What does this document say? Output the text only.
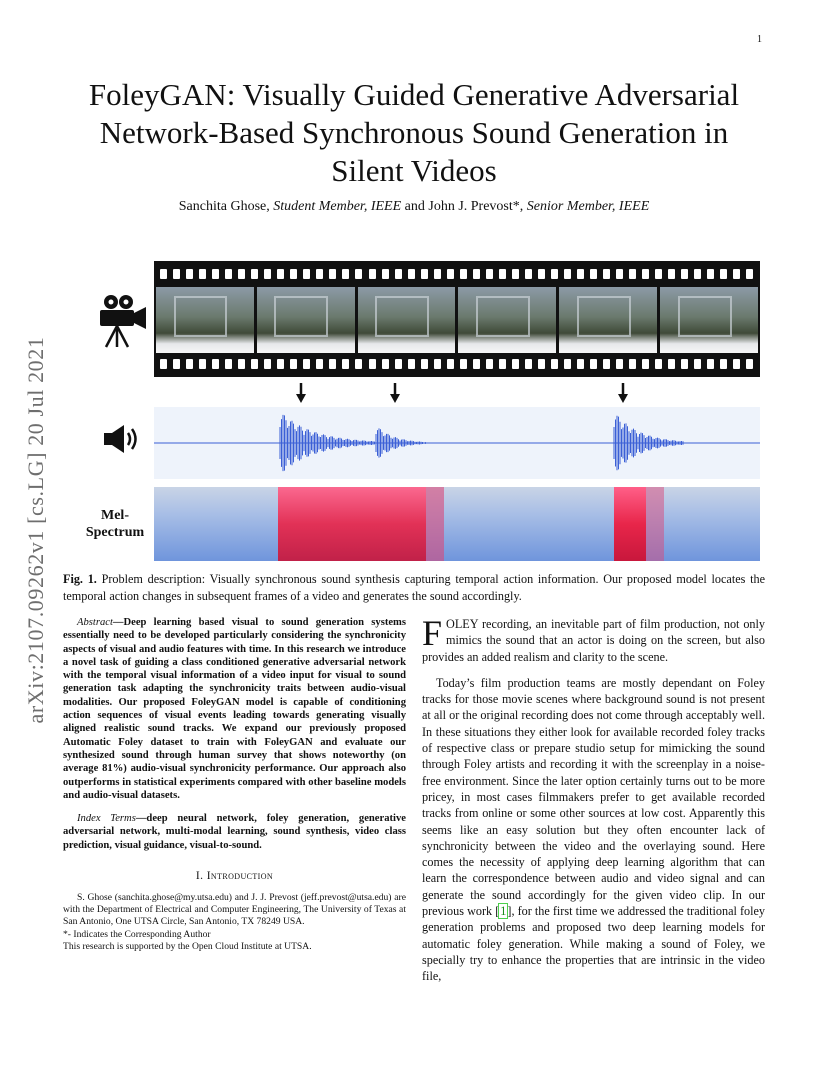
1
arXiv:2107.09262v1 [cs.LG] 20 Jul 2021
FoleyGAN: Visually Guided Generative Adversarial
Network-Based Synchronous Sound Generation in
Silent Videos
Sanchita Ghose, Student Member, IEEE and John J. Prevost*, Senior Member, IEEE
Mel-
Spectrum
Fig. 1. Problem description: Visually synchronous sound synthesis capturing temporal action information. Our proposed model locates the temporal action changes in subsequent frames of a video and generates the sound accordingly.

Abstract—Deep learning based visual to sound generation systems essentially need to be developed particularly considering the synchronicity aspects of visual and audio features with time. In this research we introduce a novel task of guiding a class conditioned generative adversarial network with the temporal visual information of a video input for visual to sound generation task adapting the synchronicity traits between audio-visual modalities. Our proposed FoleyGAN model is capable of conditioning action sequences of visual events leading towards generating visually aligned realistic sound tracks. We expand our previously proposed Automatic Foley dataset to train with FoleyGAN and evaluate our synthesized sound through human survey that shows noteworthy (on average 81%) audio-visual synchronicity performance. Our approach also outperforms in statistical experiments compared with other baseline models and audio-visual datasets.

Index Terms—deep neural network, foley generation, generative adversarial network, multi-modal learning, sound synthesis, video class prediction, visual guidance, visual-to-sound.

I. Introduction

S. Ghose (sanchita.ghose@my.utsa.edu) and J. J. Prevost (jeff.prevost@utsa.edu) are with the Department of Electrical and Computer Engineering, The University of Texas at San Antonio, One UTSA Circle, San Antonio, TX 78249 USA.

*- Indicates the Corresponding Author

This research is supported by the Open Cloud Institute at UTSA.

FOLEY recording, an inevitable part of film production, not only mimics the sound that an actor is doing on the screen, but also provides an added realism and clarity to the scene.

Today’s film production teams are mostly dependant on Foley tracks for those movie scenes where background sound is not present at all or the original recording does not come through acceptably well. In these situations they either look for available recorded foley tracks of respective class or prepare studio setup for mimicking the sound through Foley artists and recording it with the screenplay in a noise-free environment. Since the later option certainly turns out to be more pricey, in most cases filmmakers prefer to get available recorded tracks from online or some other sources at low cost. Apparently this seems like an easy solution but they often encounter lack of synchronicity between the video and the overlaying sound. Here comes the necessity of applying deep learning algorithm that can learn the correspondence between audio and video signal and can generate the sound accordingly for the given video clip. In our previous work [1], for the first time we addressed the traditional foley generation problems and proposed two deep learning models for automatic foley generation. While making a sound of Foley, we specially try to enhance the properties that are intrinsic in the video file,
